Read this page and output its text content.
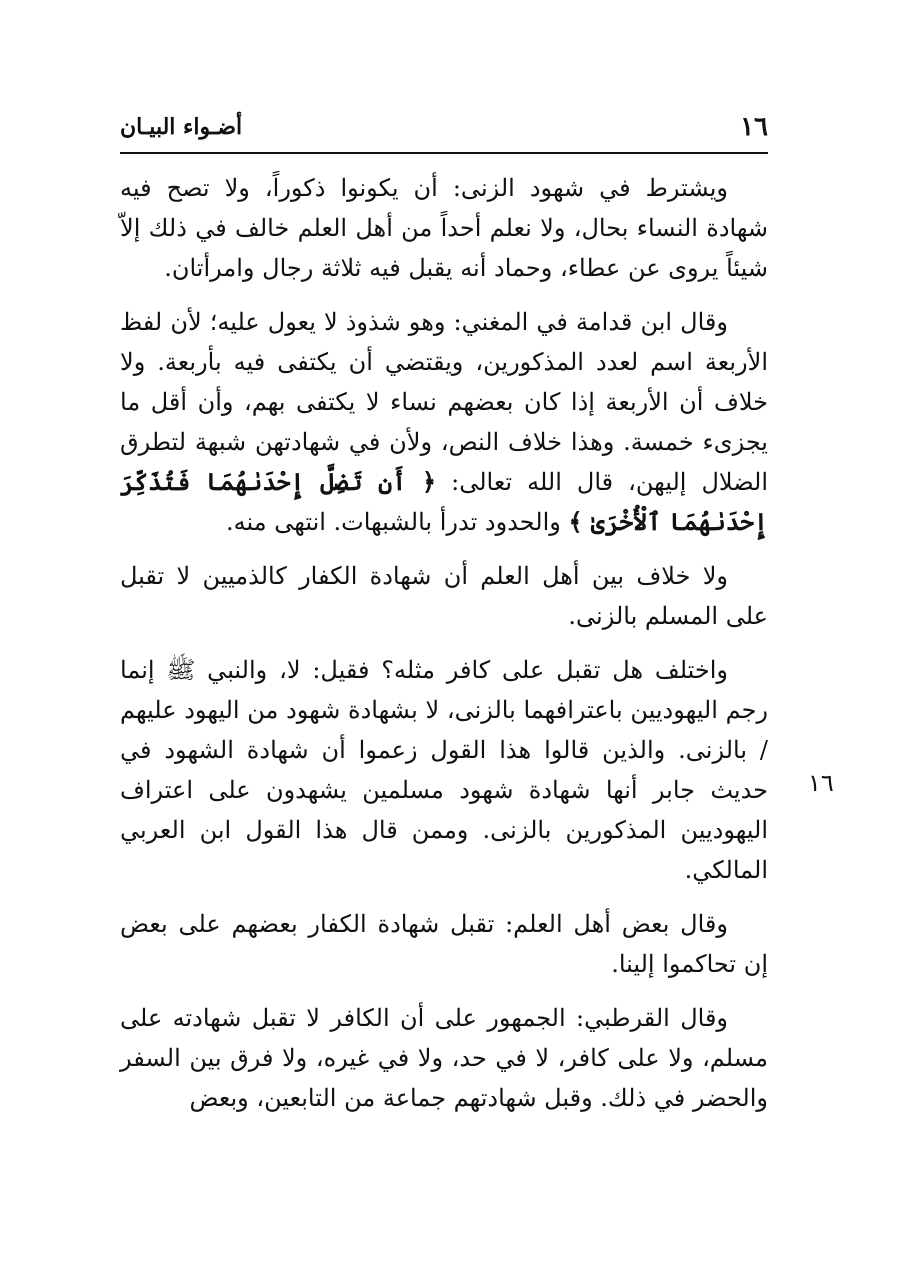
١٦
أضـواء البيـان

ويشترط في شهود الزنى: أن يكونوا ذكوراً، ولا تصح فيه شهادة النساء بحال، ولا نعلم أحداً من أهل العلم خالف في ذلك إلاّ شيئاً يروى عن عطاء، وحماد أنه يقبل فيه ثلاثة رجال وامرأتان.

وقال ابن قدامة في المغني: وهو شذوذ لا يعول عليه؛ لأن لفظ الأربعة اسم لعدد المذكورين، ويقتضي أن يكتفى فيه بأربعة. ولا خلاف أن الأربعة إذا كان بعضهم نساء لا يكتفى بهم، وأن أقل ما يجزىء خمسة. وهذا خلاف النص، ولأن في شهادتهن شبهة لتطرق الضلال إليهن، قال الله تعالى: ﴿ أَن تَضِلَّ إِحْدَىٰهُمَا فَتُذَكِّرَ إِحْدَىٰهُمَا ٱلْأُخْرَىٰ ﴾ والحدود تدرأ بالشبهات. انتهى منه.

ولا خلاف بين أهل العلم أن شهادة الكفار كالذميين لا تقبل على المسلم بالزنى.

واختلف هل تقبل على كافر مثله؟ فقيل: لا، والنبي ﷺ إنما رجم اليهوديين باعترافهما بالزنى، لا بشهادة شهود من اليهود عليهم / بالزنى. والذين قالوا هذا القول زعموا أن شهادة الشهود في حديث جابر أنها شهادة شهود مسلمين يشهدون على اعتراف اليهوديين المذكورين بالزنى. وممن قال هذا القول ابن العربي المالكي.

وقال بعض أهل العلم: تقبل شهادة الكفار بعضهم على بعض إن تحاكموا إلينا.

وقال القرطبي: الجمهور على أن الكافر لا تقبل شهادته على مسلم، ولا على كافر، لا في حد، ولا في غيره، ولا فرق بين السفر والحضر في ذلك. وقبل شهادتهم جماعة من التابعين، وبعض

١٦
